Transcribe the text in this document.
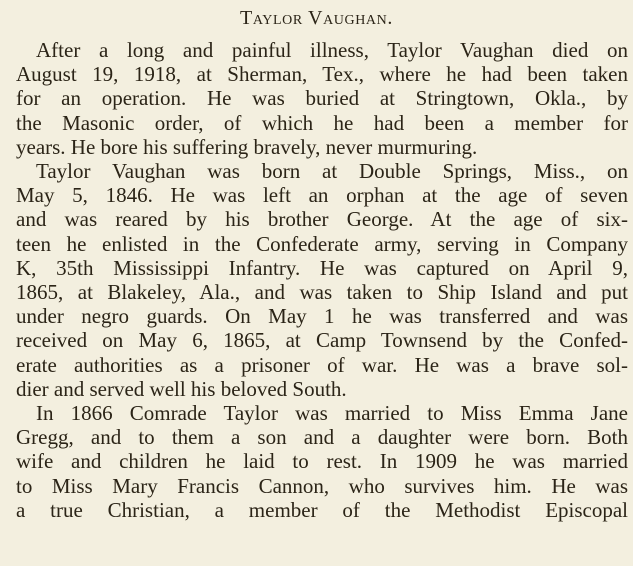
Taylor Vaughan.
After a long and painful illness, Taylor Vaughan died on
August 19, 1918, at Sherman, Tex., where he had been taken
for an operation. He was buried at Stringtown, Okla., by
the Masonic order, of which he had been a member for
years. He bore his suffering bravely, never murmuring.
Taylor Vaughan was born at Double Springs, Miss., on
May 5, 1846. He was left an orphan at the age of seven
and was reared by his brother George. At the age of six-
teen he enlisted in the Confederate army, serving in Company
K, 35th Mississippi Infantry. He was captured on April 9,
1865, at Blakeley, Ala., and was taken to Ship Island and put
under negro guards. On May 1 he was transferred and was
received on May 6, 1865, at Camp Townsend by the Confed-
erate authorities as a prisoner of war. He was a brave sol-
dier and served well his beloved South.
In 1866 Comrade Taylor was married to Miss Emma Jane
Gregg, and to them a son and a daughter were born. Both
wife and children he laid to rest. In 1909 he was married
to Miss Mary Francis Cannon, who survives him. He was
a true Christian, a member of the Methodist Episcopal
